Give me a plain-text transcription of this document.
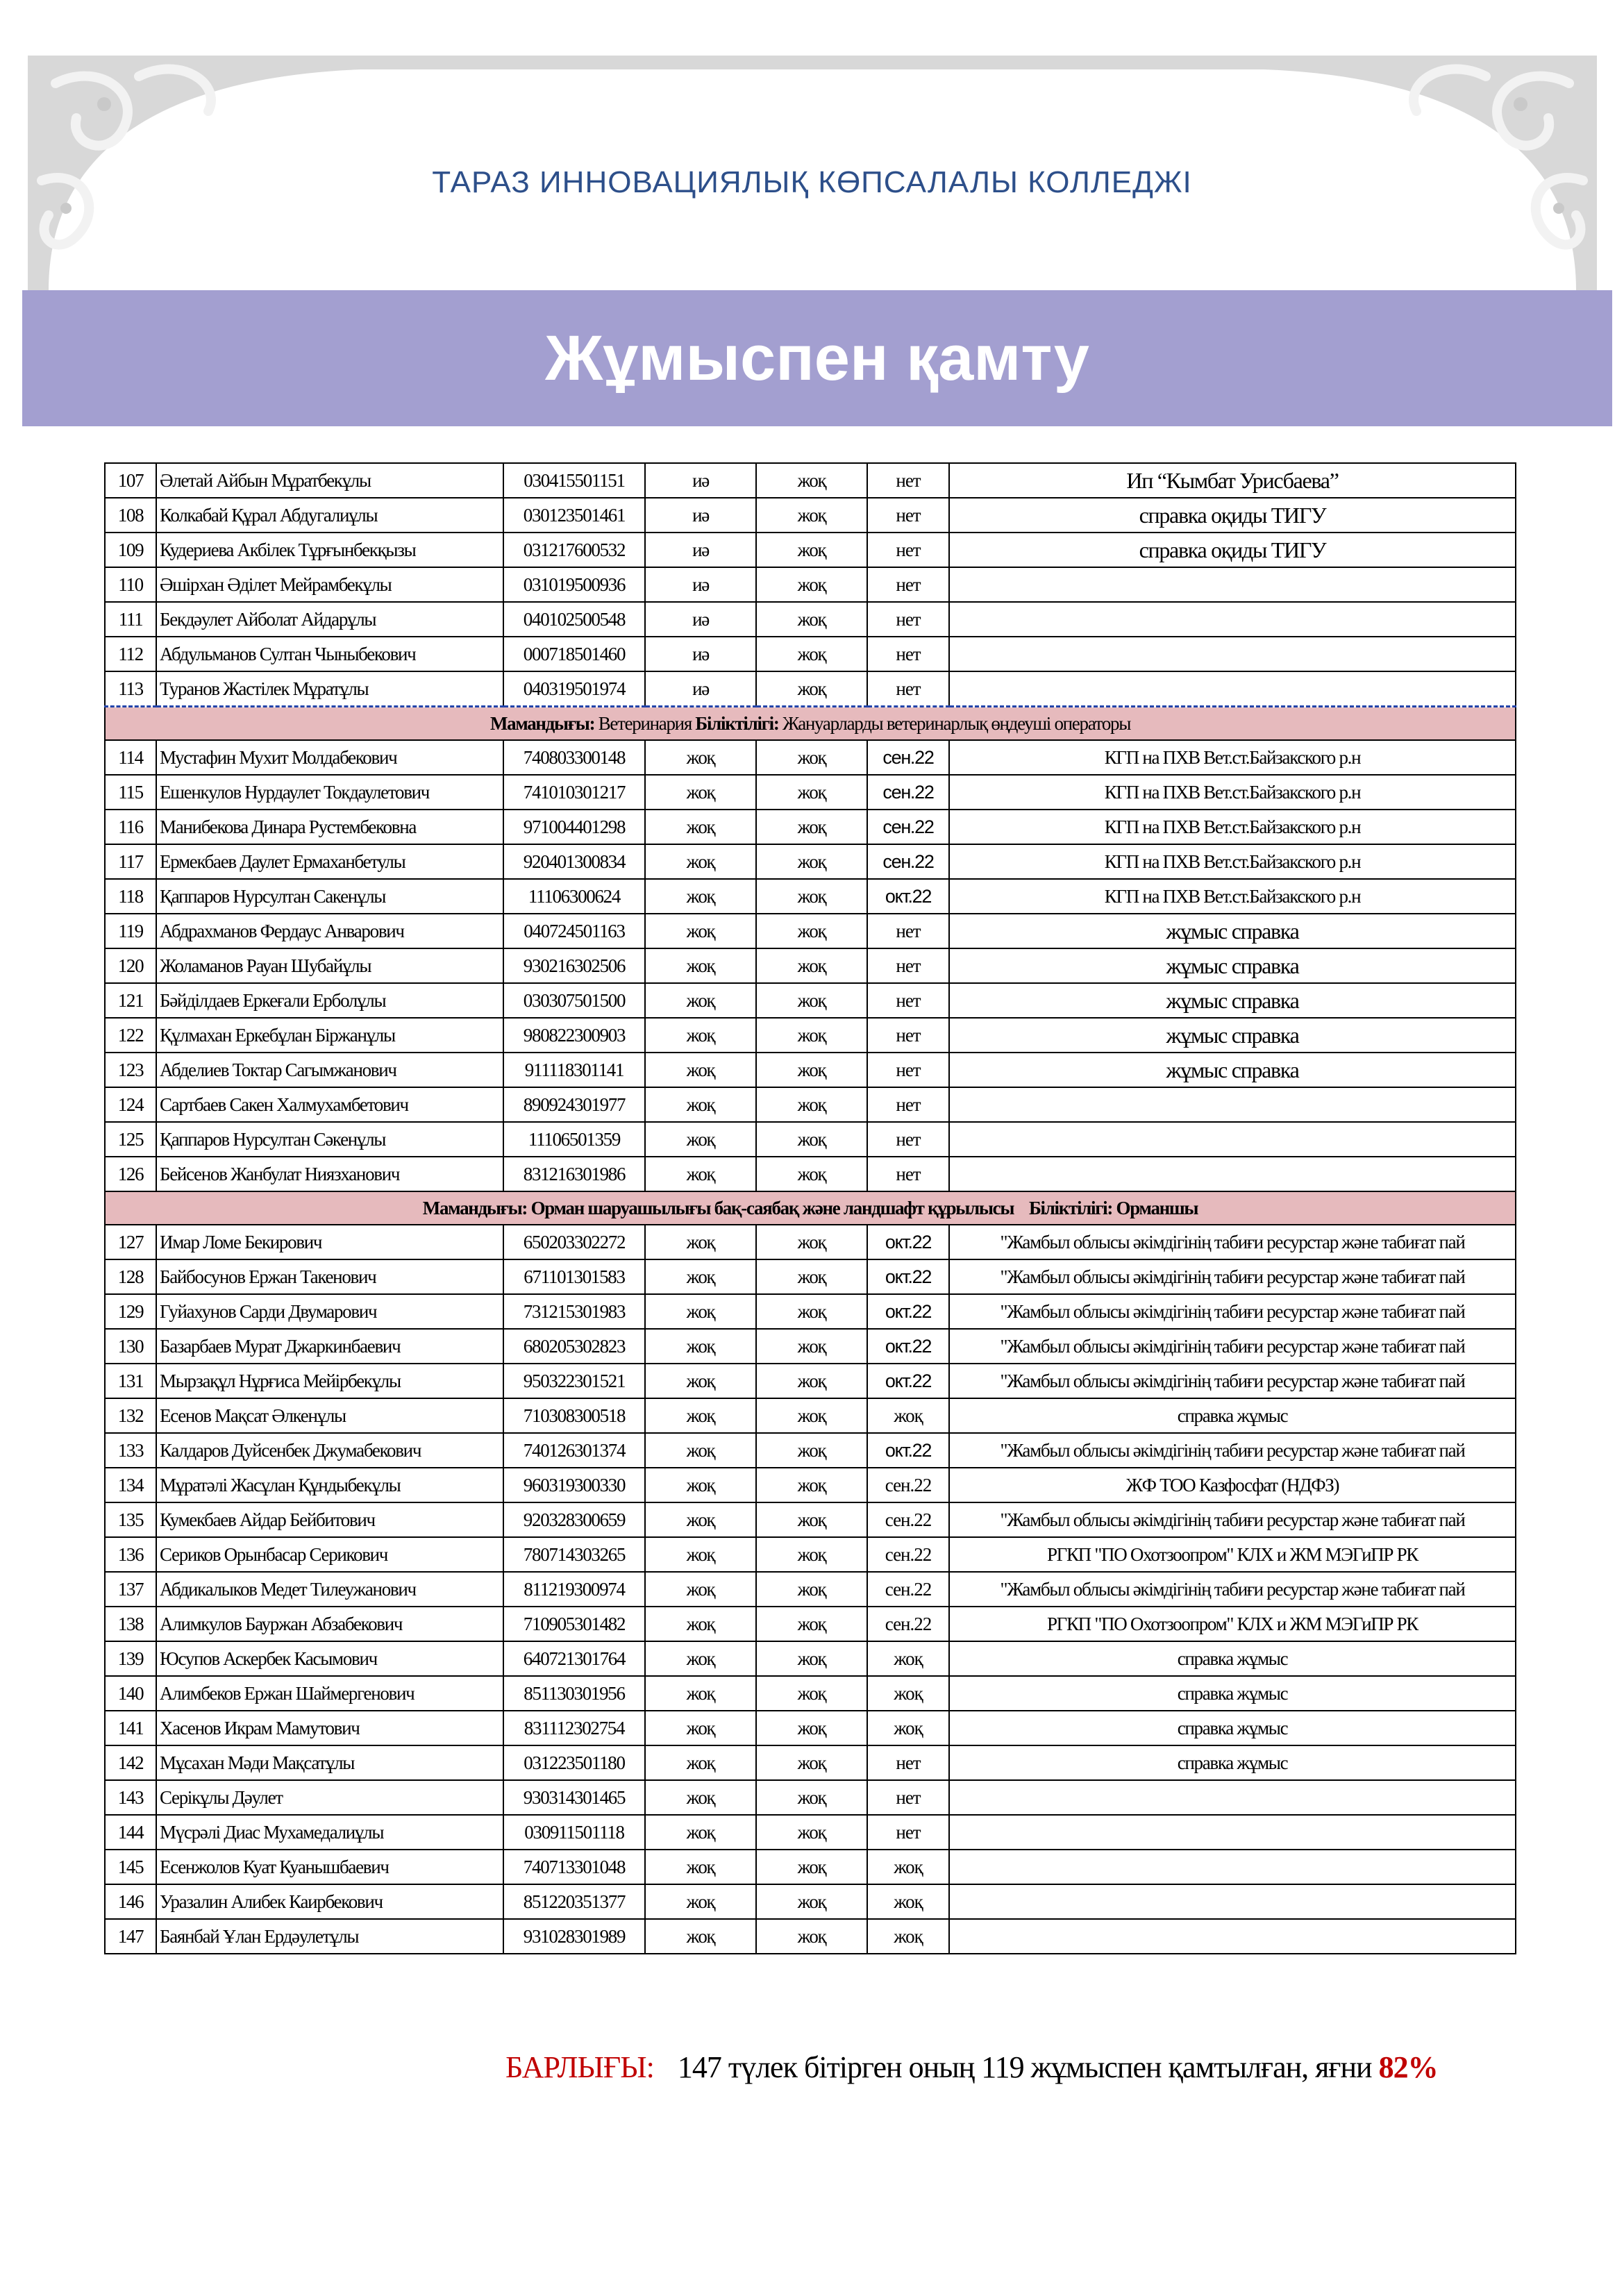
ТАРАЗ ИННОВАЦИЯЛЫҚ КӨПСАЛАЛЫ КОЛЛЕДЖІ
Жұмыспен қамту
107	Әлетай Айбын Мұратбекұлы	030415501151	иә	жоқ	нет	Ип “Кымбат Урисбаева”
108	Колкабай Құрал Абдугалиұлы	030123501461	иә	жоқ	нет	справка оқиды ТИГУ
109	Кудериева Акбілек Тұрғынбекқызы	031217600532	иә	жоқ	нет	справка оқиды ТИГУ
110	Әшірхан Әділет Мейрамбекұлы	031019500936	иә	жоқ	нет	
111	Бекдәулет Айболат Айдарұлы	040102500548	иә	жоқ	нет	
112	Абдульманов Султан Чыныбекович	000718501460	иә	жоқ	нет	
113	Туранов Жастілек Мұратұлы	040319501974	иә	жоқ	нет	
Мамандығы: Ветеринария Біліктілігі: Жануарларды ветеринарлық өңдеуші операторы						
114	Мустафин Мухит Молдабекович	740803300148	жоқ	жоқ	сен.22	КГП на ПХВ Вет.ст.Байзакского р.н
115	Ешенкулов Нурдаулет Токдаулетович	741010301217	жоқ	жоқ	сен.22	КГП на ПХВ Вет.ст.Байзакского р.н
116	Манибекова Динара Рустембековна	971004401298	жоқ	жоқ	сен.22	КГП на ПХВ Вет.ст.Байзакского р.н
117	Ермекбаев Даулет Ермаханбетулы	920401300834	жоқ	жоқ	сен.22	КГП на ПХВ Вет.ст.Байзакского р.н
118	Қаппаров Нурсултан Сакенұлы	11106300624	жоқ	жоқ	окт.22	КГП на ПХВ Вет.ст.Байзакского р.н
119	Абдрахманов Фердаус Анварович	040724501163	жоқ	жоқ	нет	жұмыс справка
120	Жоламанов Рауан Шубайұлы	930216302506	жоқ	жоқ	нет	жұмыс справка
121	Бәйділдаев Еркеғали Ерболұлы	030307501500	жоқ	жоқ	нет	жұмыс справка
122	Құлмахан Еркебұлан Біржанұлы	980822300903	жоқ	жоқ	нет	жұмыс справка
123	Абделиев Токтар Сагымжанович	911118301141	жоқ	жоқ	нет	жұмыс справка
124	Сартбаев Сакен Халмухамбетович	890924301977	жоқ	жоқ	нет	
125	Қаппаров Нурсултан Сәкенұлы	11106501359	жоқ	жоқ	нет	
126	Бейсенов Жанбулат Ниязханович	831216301986	жоқ	жоқ	нет	
Мамандығы: Орман шаруашылығы бақ-саябақ және ландшафт құрылысы Біліктілігі: Орманшы						
127	Имар Ломе Бекирович	650203302272	жоқ	жоқ	окт.22	"Жамбыл облысы әкімдігінің табиғи ресурстар және табиғат пай
128	Байбосунов Ержан Такенович	671101301583	жоқ	жоқ	окт.22	"Жамбыл облысы әкімдігінің табиғи ресурстар және табиғат пай
129	Гуйахунов Сарди Двумарович	731215301983	жоқ	жоқ	окт.22	"Жамбыл облысы әкімдігінің табиғи ресурстар және табиғат пай
130	Базарбаев Мурат Джаркинбаевич	680205302823	жоқ	жоқ	окт.22	"Жамбыл облысы әкімдігінің табиғи ресурстар және табиғат пай
131	Мырзақұл Нұрғиса Мейірбекұлы	950322301521	жоқ	жоқ	окт.22	"Жамбыл облысы әкімдігінің табиғи ресурстар және табиғат пай
132	Есенов Мақсат Әлкенұлы	710308300518	жоқ	жоқ	жоқ	справка жұмыс
133	Калдаров Дуйсенбек Джумабекович	740126301374	жоқ	жоқ	окт.22	"Жамбыл облысы әкімдігінің табиғи ресурстар және табиғат пай
134	Мұратәлі Жасұлан Құндыбекұлы	960319300330	жоқ	жоқ	сен.22	ЖФ ТОО Казфосфат (НДФЗ)
135	Кумекбаев Айдар Бейбитович	920328300659	жоқ	жоқ	сен.22	"Жамбыл облысы әкімдігінің табиғи ресурстар және табиғат пай
136	Сериков Орынбасар Серикович	780714303265	жоқ	жоқ	сен.22	РГКП "ПО Охотзоопром" КЛХ и ЖМ МЭГиПР РК
137	Абдикалыков Медет Тилеужанович	811219300974	жоқ	жоқ	сен.22	"Жамбыл облысы әкімдігінің табиғи ресурстар және табиғат пай
138	Алимкулов Бауржан Абзабекович	710905301482	жоқ	жоқ	сен.22	РГКП "ПО Охотзоопром" КЛХ и ЖМ МЭГиПР РК
139	Юсупов Аскербек Касымович	640721301764	жоқ	жоқ	жоқ	справка жұмыс
140	Алимбеков Ержан Шаймергенович	851130301956	жоқ	жоқ	жоқ	справка жұмыс
141	Хасенов Икрам Мамутович	831112302754	жоқ	жоқ	жоқ	справка жұмыс
142	Мұсахан Мәди Мақсатұлы	031223501180	жоқ	жоқ	нет	справка жұмыс
143	Серікұлы Дәулет	930314301465	жоқ	жоқ	нет	
144	Мүсрәлі Диас Мухамедалиұлы	030911501118	жоқ	жоқ	нет	
145	Есенжолов Куат Куанышбаевич	740713301048	жоқ	жоқ	жоқ	
146	Уразалин Алибек Каирбекович	851220351377	жоқ	жоқ	жоқ	
147	Баянбай Ұлан Ердәулетұлы	931028301989	жоқ	жоқ	жоқ	
БАРЛЫҒЫ: 147 түлек бітірген оның 119 жұмыспен қамтылған, яғни 82%
